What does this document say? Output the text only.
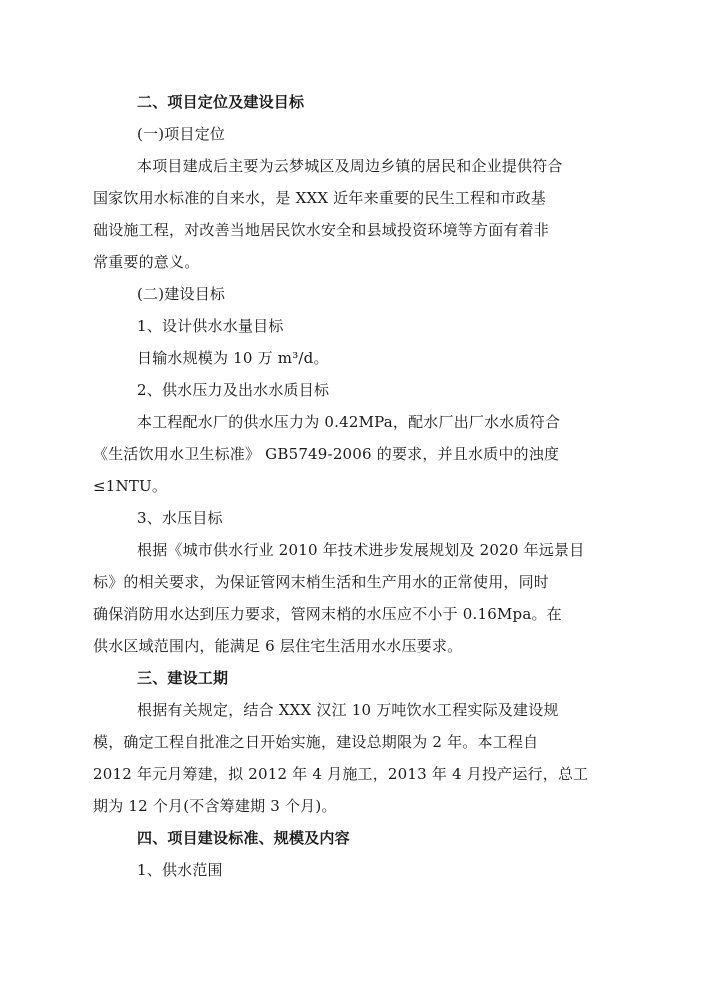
二、项目定位及建设目标
(一)项目定位
本项目建成后主要为云梦城区及周边乡镇的居民和企业提供符合
国家饮用水标准的自来水，是 XXX 近年来重要的民生工程和市政基
础设施工程，对改善当地居民饮水安全和县域投资环境等方面有着非
常重要的意义。
(二)建设目标
1、设计供水水量目标
日输水规模为 10 万 m³/d。
2、供水压力及出水水质目标
本工程配水厂的供水压力为 0.42MPa，配水厂出厂水水质符合
《生活饮用水卫生标准》 GB5749-2006 的要求，并且水质中的浊度
≤1NTU。
3、水压目标
根据《城市供水行业 2010 年技术进步发展规划及 2020 年远景目
标》的相关要求，为保证管网末梢生活和生产用水的正常使用，同时
确保消防用水达到压力要求，管网末梢的水压应不小于 0.16Mpa。在
供水区域范围内，能满足 6 层住宅生活用水水压要求。
三、建设工期
根据有关规定，结合 XXX 汉江 10 万吨饮水工程实际及建设规
模，确定工程自批准之日开始实施，建设总期限为 2 年。本工程自
2012 年元月筹建，拟 2012 年 4 月施工，2013 年 4 月投产运行，总工
期为 12 个月(不含筹建期 3 个月)。
四、项目建设标准、规模及内容
1、供水范围
